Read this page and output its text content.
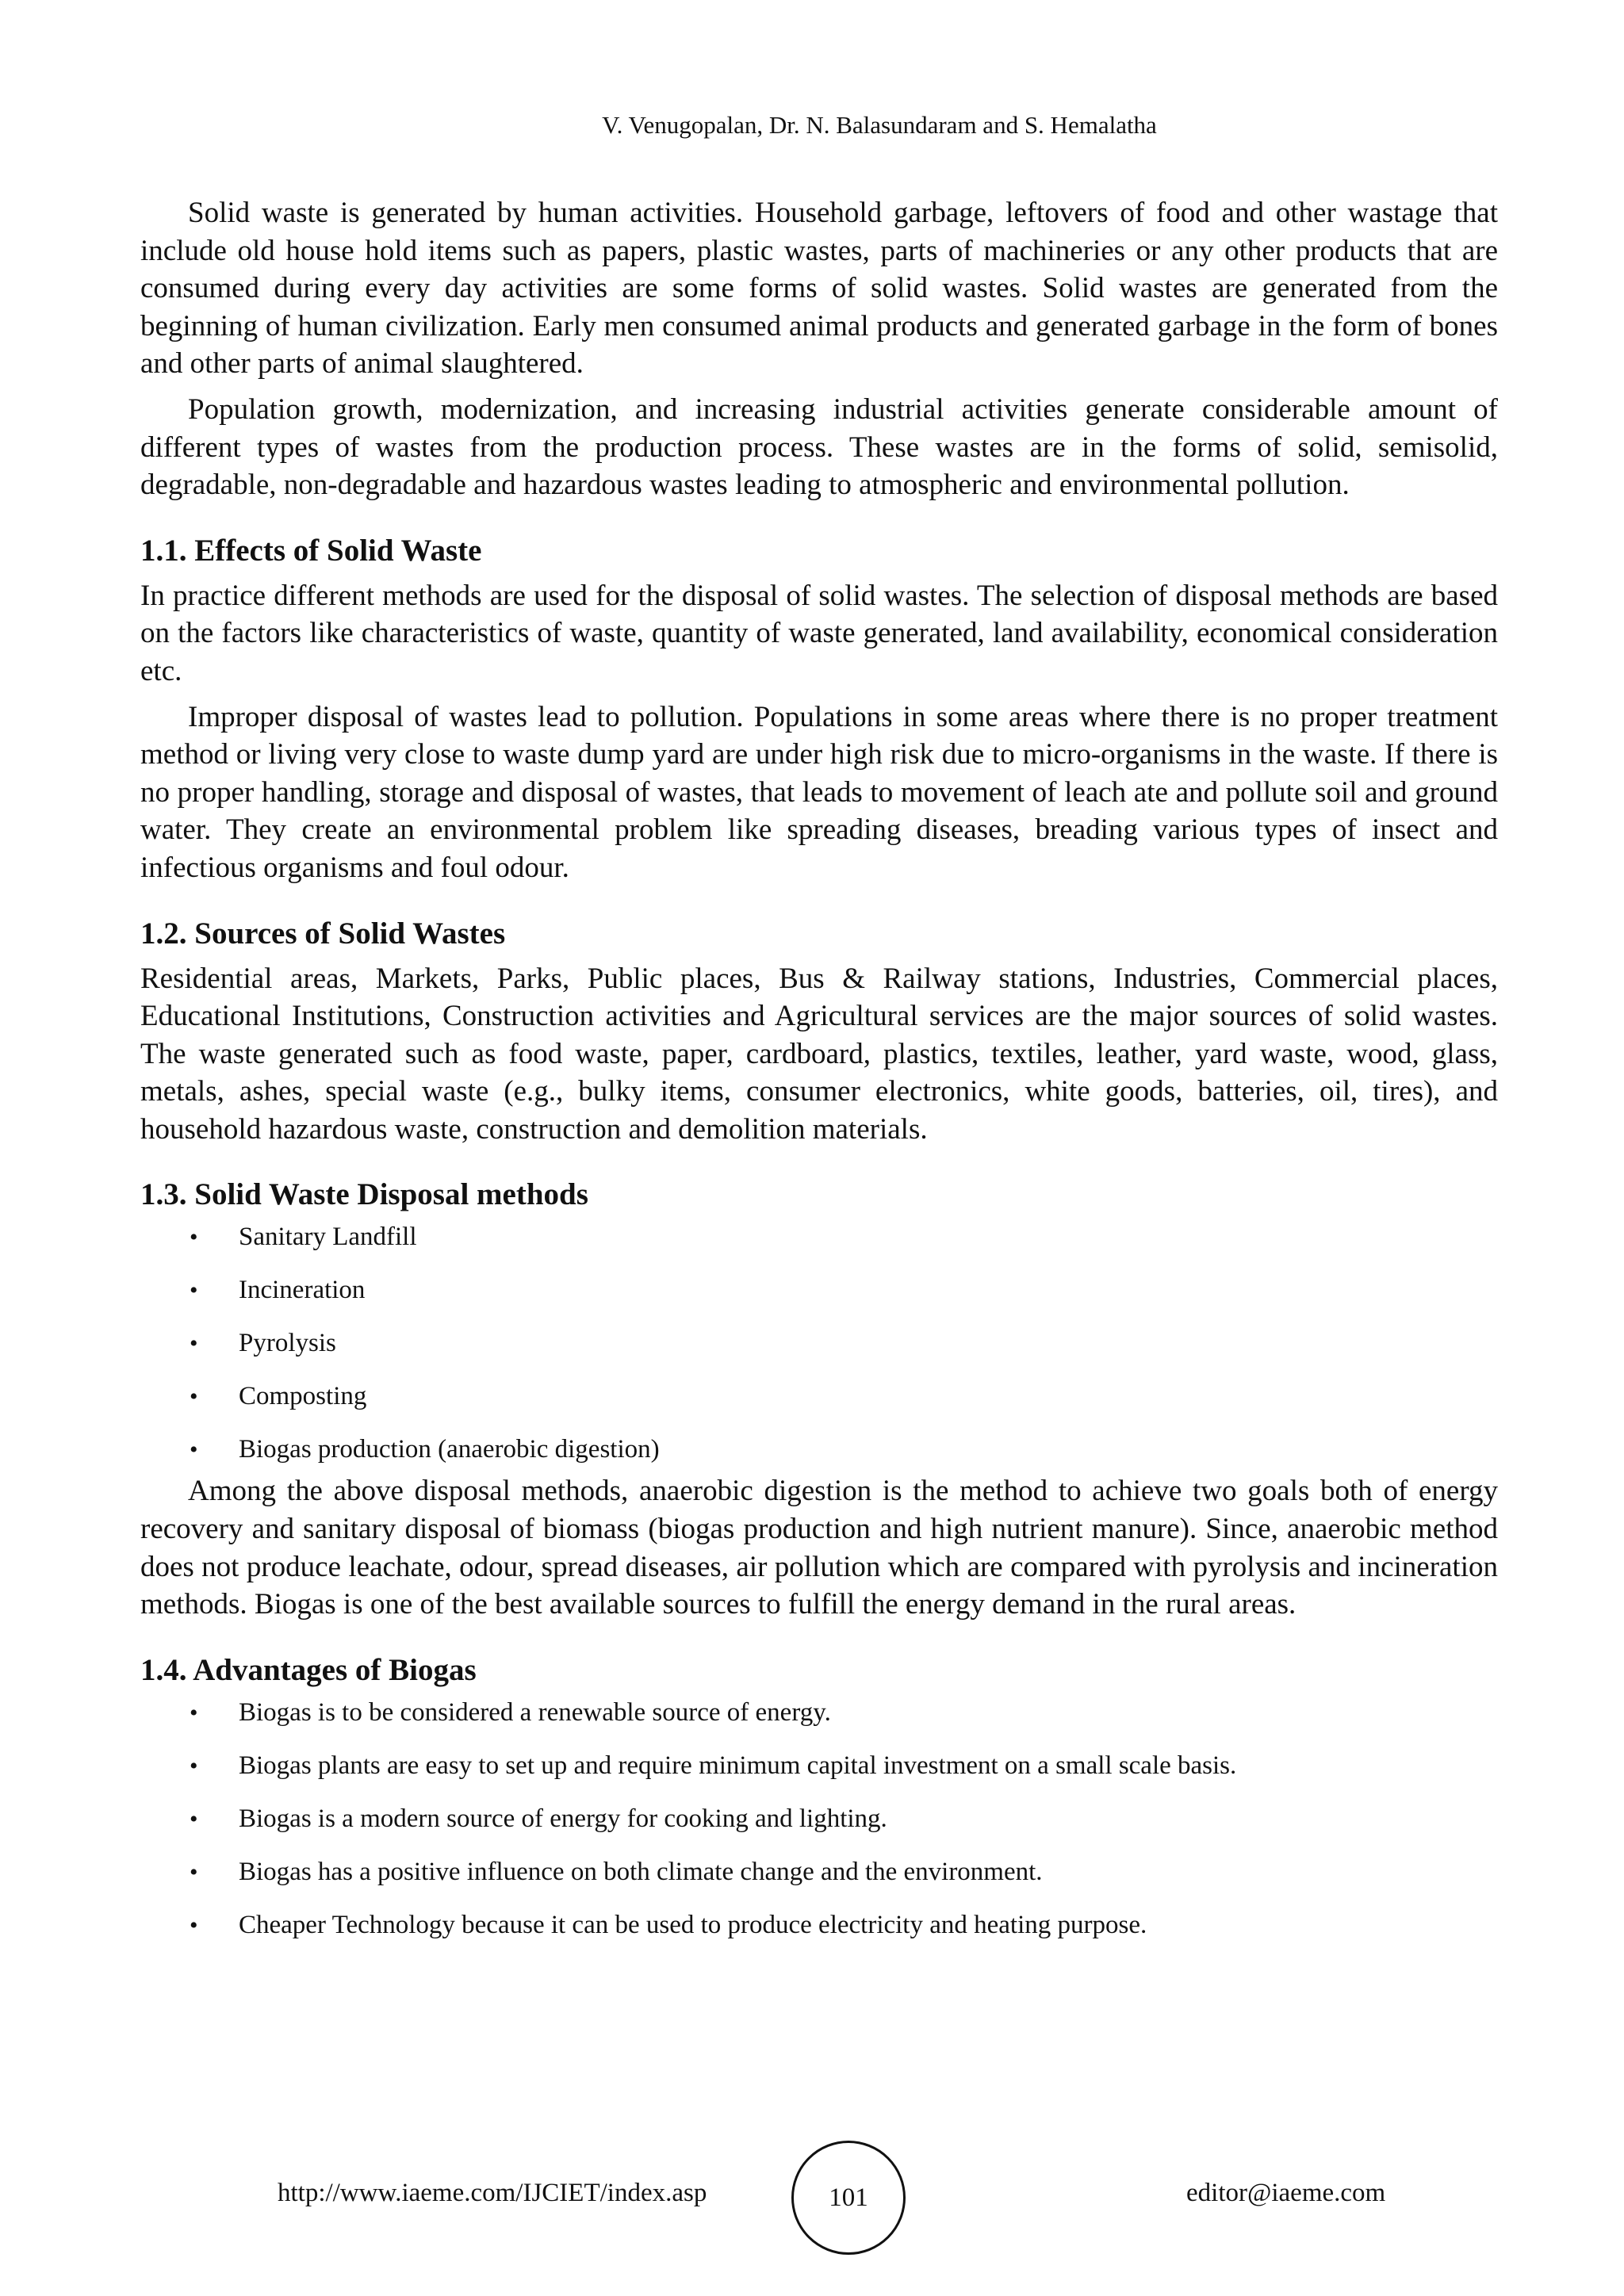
V. Venugopalan, Dr. N. Balasundaram and S. Hemalatha

Solid waste is generated by human activities. Household garbage, leftovers of food and other wastage that include old house hold items such as papers, plastic wastes, parts of machineries or any other products that are consumed during every day activities are some forms of solid wastes. Solid wastes are generated from the beginning of human civilization. Early men consumed animal products and generated garbage in the form of bones and other parts of animal slaughtered.

Population growth, modernization, and increasing industrial activities generate considerable amount of different types of wastes from the production process. These wastes are in the forms of solid, semisolid, degradable, non-degradable and hazardous wastes leading to atmospheric and environmental pollution.

1.1. Effects of Solid Waste

In practice different methods are used for the disposal of solid wastes. The selection of disposal methods are based on the factors like characteristics of waste, quantity of waste generated, land availability, economical consideration etc.

Improper disposal of wastes lead to pollution. Populations in some areas where there is no proper treatment method or living very close to waste dump yard are under high risk due to micro-organisms in the waste. If there is no proper handling, storage and disposal of wastes, that leads to movement of leach ate and pollute soil and ground water. They create an environmental problem like spreading diseases, breading various types of insect and infectious organisms and foul odour.

1.2. Sources of Solid Wastes

Residential areas, Markets, Parks, Public places, Bus & Railway stations, Industries, Commercial places, Educational Institutions, Construction activities and Agricultural services are the major sources of solid wastes. The waste generated such as food waste, paper, cardboard, plastics, textiles, leather, yard waste, wood, glass, metals, ashes, special waste (e.g., bulky items, consumer electronics, white goods, batteries, oil, tires), and household hazardous waste, construction and demolition materials.

1.3. Solid Waste Disposal methods
• Sanitary Landfill
• Incineration
• Pyrolysis
• Composting
• Biogas production (anaerobic digestion)

Among the above disposal methods, anaerobic digestion is the method to achieve two goals both of energy recovery and sanitary disposal of biomass (biogas production and high nutrient manure). Since, anaerobic method does not produce leachate, odour, spread diseases, air pollution which are compared with pyrolysis and incineration methods. Biogas is one of the best available sources to fulfill the energy demand in the rural areas.

1.4. Advantages of Biogas
• Biogas is to be considered a renewable source of energy.
• Biogas plants are easy to set up and require minimum capital investment on a small scale basis.
• Biogas is a modern source of energy for cooking and lighting.
• Biogas has a positive influence on both climate change and the environment.
• Cheaper Technology because it can be used to produce electricity and heating purpose.
http://www.iaeme.com/IJCIET/index.asp	101	editor@iaeme.com
